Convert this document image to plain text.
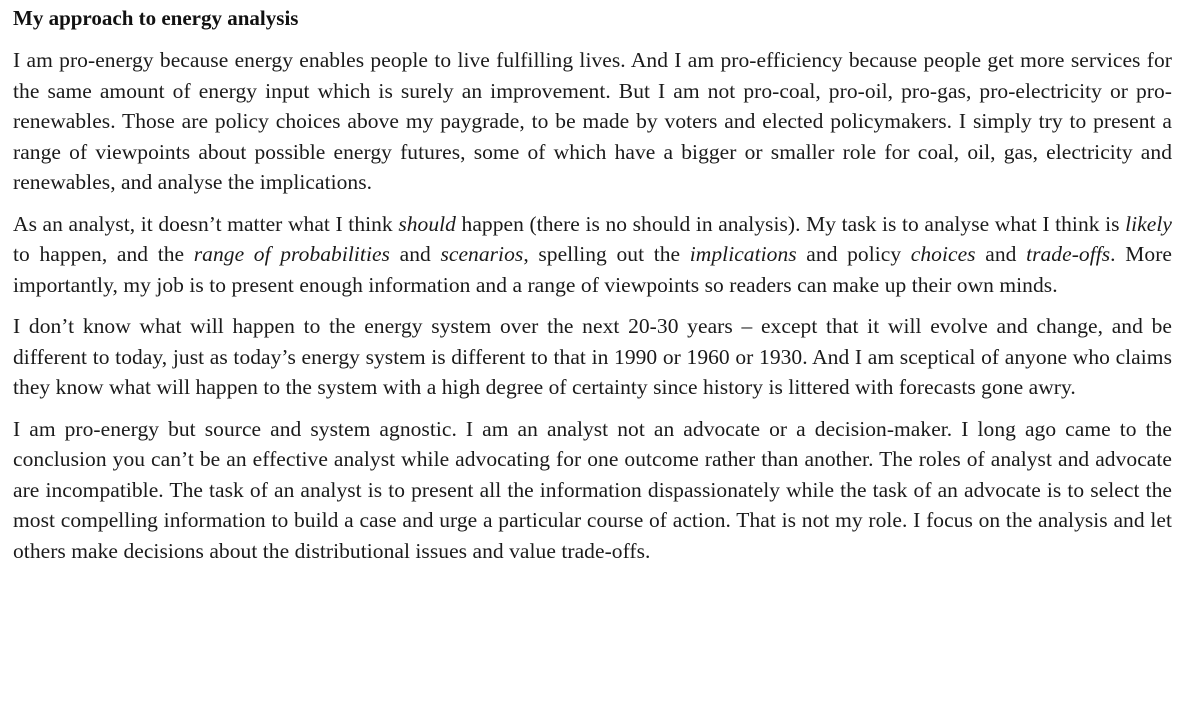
My approach to energy analysis

I am pro-energy because energy enables people to live fulfilling lives. And I am pro-efficiency because people get more services for the same amount of energy input which is surely an improvement. But I am not pro-coal, pro-oil, pro-gas, pro-electricity or pro-renewables. Those are policy choices above my paygrade, to be made by voters and elected policymakers. I simply try to present a range of viewpoints about possible energy futures, some of which have a bigger or smaller role for coal, oil, gas, electricity and renewables, and analyse the implications.

As an analyst, it doesn’t matter what I think should happen (there is no should in analysis). My task is to analyse what I think is likely to happen, and the range of probabilities and scenarios, spelling out the implications and policy choices and trade-offs. More importantly, my job is to present enough information and a range of viewpoints so readers can make up their own minds.

I don’t know what will happen to the energy system over the next 20-30 years – except that it will evolve and change, and be different to today, just as today’s energy system is different to that in 1990 or 1960 or 1930. And I am sceptical of anyone who claims they know what will happen to the system with a high degree of certainty since history is littered with forecasts gone awry.

I am pro-energy but source and system agnostic. I am an analyst not an advocate or a decision-maker. I long ago came to the conclusion you can’t be an effective analyst while advocating for one outcome rather than another. The roles of analyst and advocate are incompatible. The task of an analyst is to present all the information dispassionately while the task of an advocate is to select the most compelling information to build a case and urge a particular course of action. That is not my role. I focus on the analysis and let others make decisions about the distributional issues and value trade-offs.
